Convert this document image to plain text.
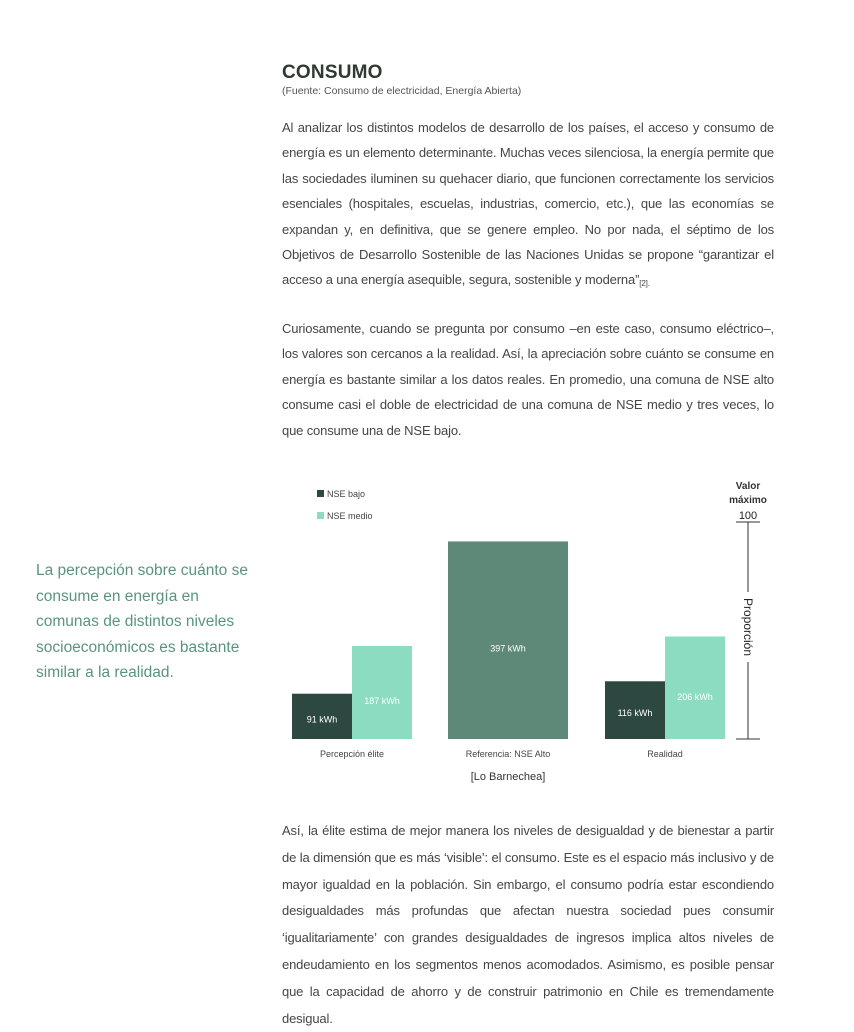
CONSUMO
(Fuente: Consumo de electricidad, Energía Abierta)

Al analizar los distintos modelos de desarrollo de los países, el acceso y consumo de energía es un elemento determinante. Muchas veces silenciosa, la energía permite que las sociedades iluminen su quehacer diario, que funcionen correctamente los servicios esenciales (hospitales, escuelas, industrias, comercio, etc.), que las economías se expandan y, en definitiva, que se genere empleo. No por nada, el séptimo de los Objetivos de Desarrollo Sostenible de las Naciones Unidas se propone “garantizar el acceso a una energía asequible, segura, sostenible y moderna”$^{[2].}$

Curiosamente, cuando se pregunta por consumo –en este caso, consumo eléctrico–, los valores son cercanos a la realidad. Así, la apreciación sobre cuánto se consume en energía es bastante similar a los datos reales. En promedio, una comuna de NSE alto consume casi el doble de electricidad de una comuna de NSE medio y tres veces, lo que consume una de NSE bajo.

La percepción sobre cuánto se consume en energía en comunas de distintos niveles socioeconómicos es bastante similar a la realidad.

NSE bajo
NSE medio
91 kWh
187 kWh
397 kWh
116 kWh
206 kWh
Percepción élite	Referencia: NSE Alto	Realidad
[Lo Barnechea]
Valor
máximo
100
Proporción

Así, la élite estima de mejor manera los niveles de desigualdad y de bienestar a partir de la dimensión que es más ‘visible’: el consumo. Este es el espacio más inclusivo y de mayor igualdad en la población. Sin embargo, el consumo podría estar escondiendo desigualdades más profundas que afectan nuestra sociedad pues consumir ‘igualitariamente’ con grandes desigualdades de ingresos implica altos niveles de endeudamiento en los segmentos menos acomodados. Asimismo, es posible pensar que la capacidad de ahorro y de construir patrimonio en Chile es tremendamente desigual.
